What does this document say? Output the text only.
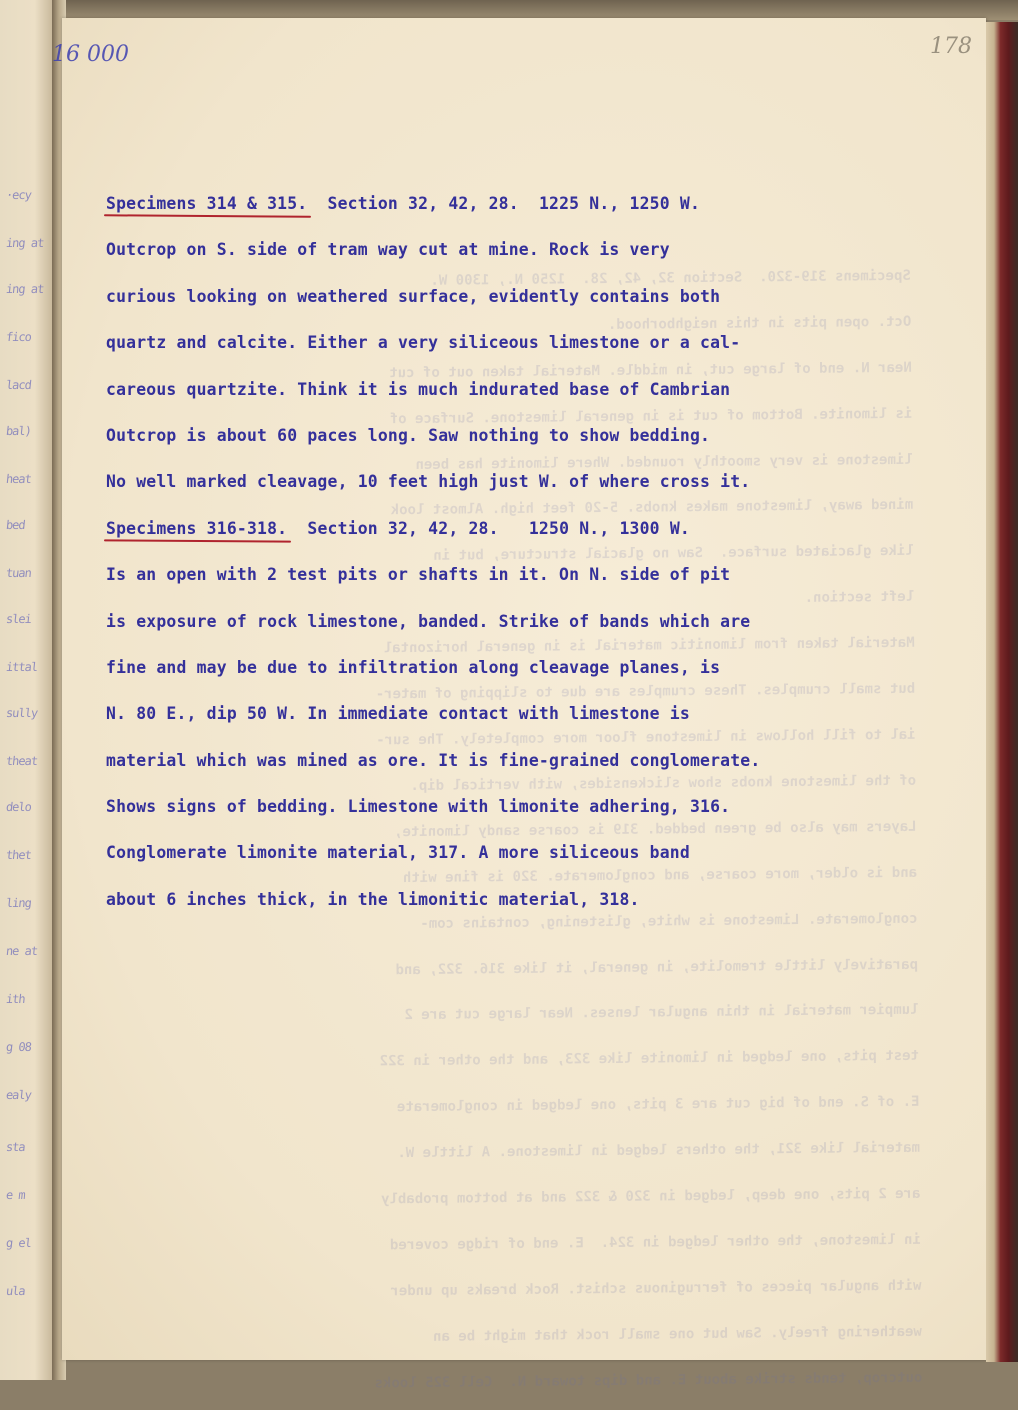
·ecy
ing at
ing at
fico
lacd
bal)
heat
bed
tuan
slei
ittal
sully
theat
delo
thet
ling
ne at
ith
g 08
ealy
sta
e m
g el
ula
16 000	178

Specimens 319-320.  Section 32, 42, 28.  1250 N., 1300 W.
Oct. open pits in this neighborhood.
Near N. end of large cut, in middle. Material taken out of cut
is limonite. Bottom of cut is in general limestone. Surface of
limestone is very smoothly rounded. Where limonite has been
mined away, limestone makes knobs. 5-20 feet high. Almost look
like glaciated surface.  Saw no glacial structure, but in
left section.
Material taken from limonitic material is in general horizontal
but small crumples. These crumples are due to slipping of mater-
ial to fill hollows in limestone floor more completely. The sur-
of the limestone knobs show slickensides, with vertical dip.
Layers may also be green bedded. 319 is coarse sandy limonite,
and is older, more coarse, and conglomerate. 320 is fine with
conglomerate. Limestone is white, glistening, contains com-
paratively little tremolite, in general, it like 316. 322, and
lumpier material in thin angular lenses. Near large cut are 2
test pits, one ledged in limonite like 323, and the other in 322
E. of S. end of big cut are 3 pits, one ledged in conglomerate
material like 321, the others ledged in limestone. A little W.
are 2 pits, one deep, ledged in 320 & 322 and at bottom probably
in limestone, the other ledged in 324.  E. end of ridge covered
with angular pieces of ferruginous schist. Rock breaks up under
weathering freely. Saw but one small rock that might be an
outcrop, tends strike about E. and dips toward N.  Cell 325 looks

Specimens 314 & 315.  Section 32, 42, 28.  1225 N., 1250 W.
Outcrop on S. side of tram way cut at mine. Rock is very
curious looking on weathered surface, evidently contains both
quartz and calcite. Either a very siliceous limestone or a cal-
careous quartzite. Think it is much indurated base of Cambrian
Outcrop is about 60 paces long. Saw nothing to show bedding.
No well marked cleavage, 10 feet high just W. of where cross it.
Specimens 316-318.  Section 32, 42, 28.   1250 N., 1300 W.
Is an open with 2 test pits or shafts in it. On N. side of pit
is exposure of rock limestone, banded. Strike of bands which are
fine and may be due to infiltration along cleavage planes, is
N. 80 E., dip 50 W. In immediate contact with limestone is
material which was mined as ore. It is fine-grained conglomerate.
Shows signs of bedding. Limestone with limonite adhering, 316.
Conglomerate limonite material, 317. A more siliceous band
about 6 inches thick, in the limonitic material, 318.
